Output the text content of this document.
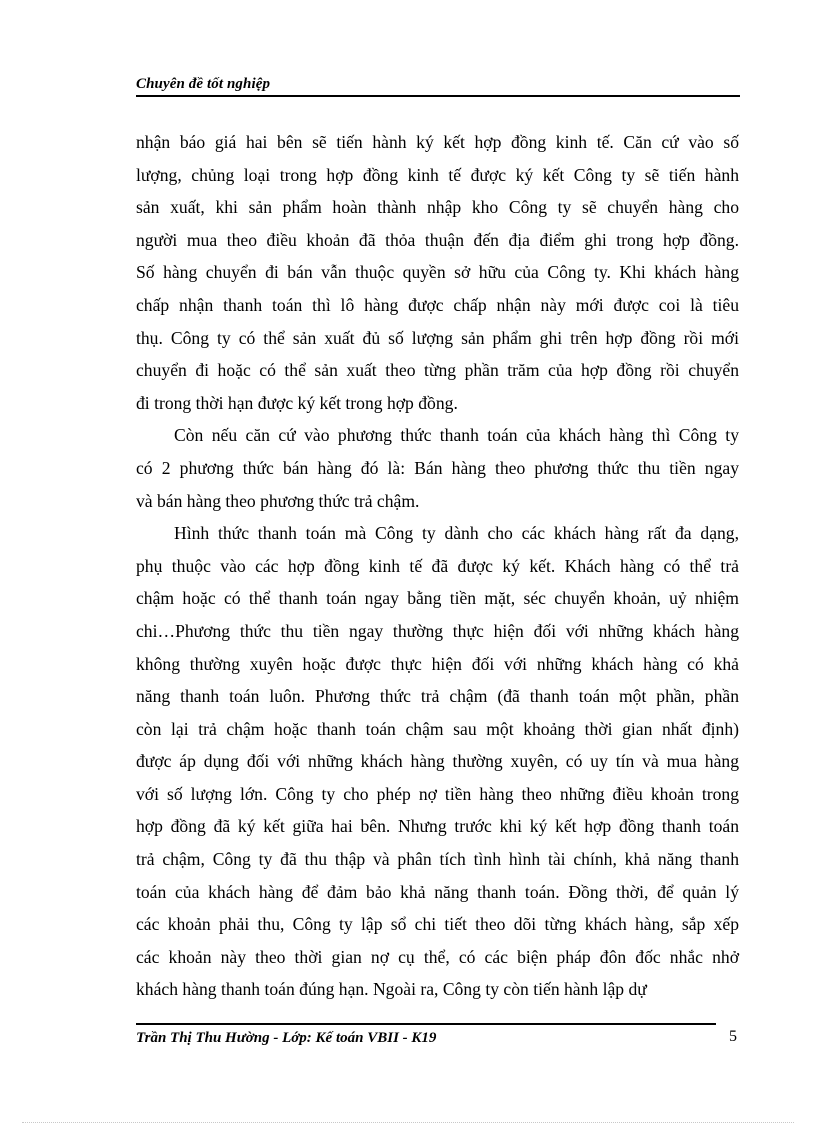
Chuyên đề tốt nghiệp
nhận báo giá hai bên sẽ tiến hành ký kết hợp đồng kinh tế. Căn cứ vào số
lượng, chủng loại trong hợp đồng kinh tế được ký kết Công ty sẽ tiến hành
sản xuất, khi sản phẩm hoàn thành nhập kho Công ty sẽ chuyển hàng cho
người mua theo điều khoản đã thỏa thuận đến địa điểm ghi trong hợp đồng.
Số hàng chuyển đi bán vẫn thuộc quyền sở hữu của Công ty. Khi khách hàng
chấp nhận thanh toán thì lô hàng được chấp nhận này mới được coi là tiêu
thụ. Công ty có thể sản xuất đủ số lượng sản phẩm ghi trên hợp đồng rồi mới
chuyển đi hoặc có thể sản xuất theo từng phần trăm của hợp đồng rồi chuyển
đi trong thời hạn được ký kết trong hợp đồng.
Còn nếu căn cứ vào phương thức thanh toán của khách hàng thì Công ty
có 2 phương thức bán hàng đó là: Bán hàng theo phương thức thu tiền ngay
và bán hàng theo phương thức trả chậm.
Hình thức thanh toán mà Công ty dành cho các khách hàng rất đa dạng,
phụ thuộc vào các hợp đồng kinh tế đã được ký kết. Khách hàng có thể trả
chậm hoặc có thể thanh toán ngay bằng tiền mặt, séc chuyển khoản, uỷ nhiệm
chi…Phương thức thu tiền ngay thường thực hiện đối với những khách hàng
không thường xuyên hoặc được thực hiện đối với những khách hàng có khả
năng thanh toán luôn. Phương thức trả chậm (đã thanh toán một phần, phần
còn lại trả chậm hoặc thanh toán chậm sau một khoảng thời gian nhất định)
được áp dụng đối với những khách hàng thường xuyên, có uy tín và mua hàng
với số lượng lớn. Công ty cho phép nợ tiền hàng theo những điều khoản trong
hợp đồng đã ký kết giữa hai bên. Nhưng trước khi ký kết hợp đồng thanh toán
trả chậm, Công ty đã thu thập và phân tích tình hình tài chính, khả năng thanh
toán của khách hàng để đảm bảo khả năng thanh toán. Đồng thời, để quản lý
các khoản phải thu, Công ty lập sổ chi tiết theo dõi từng khách hàng, sắp xếp
các khoản này theo thời gian nợ cụ thể, có các biện pháp đôn đốc nhắc nhở
khách hàng thanh toán đúng hạn. Ngoài ra, Công ty còn tiến hành lập dự
Trần Thị Thu Hường - Lớp: Kế toán VBII - K19	5
